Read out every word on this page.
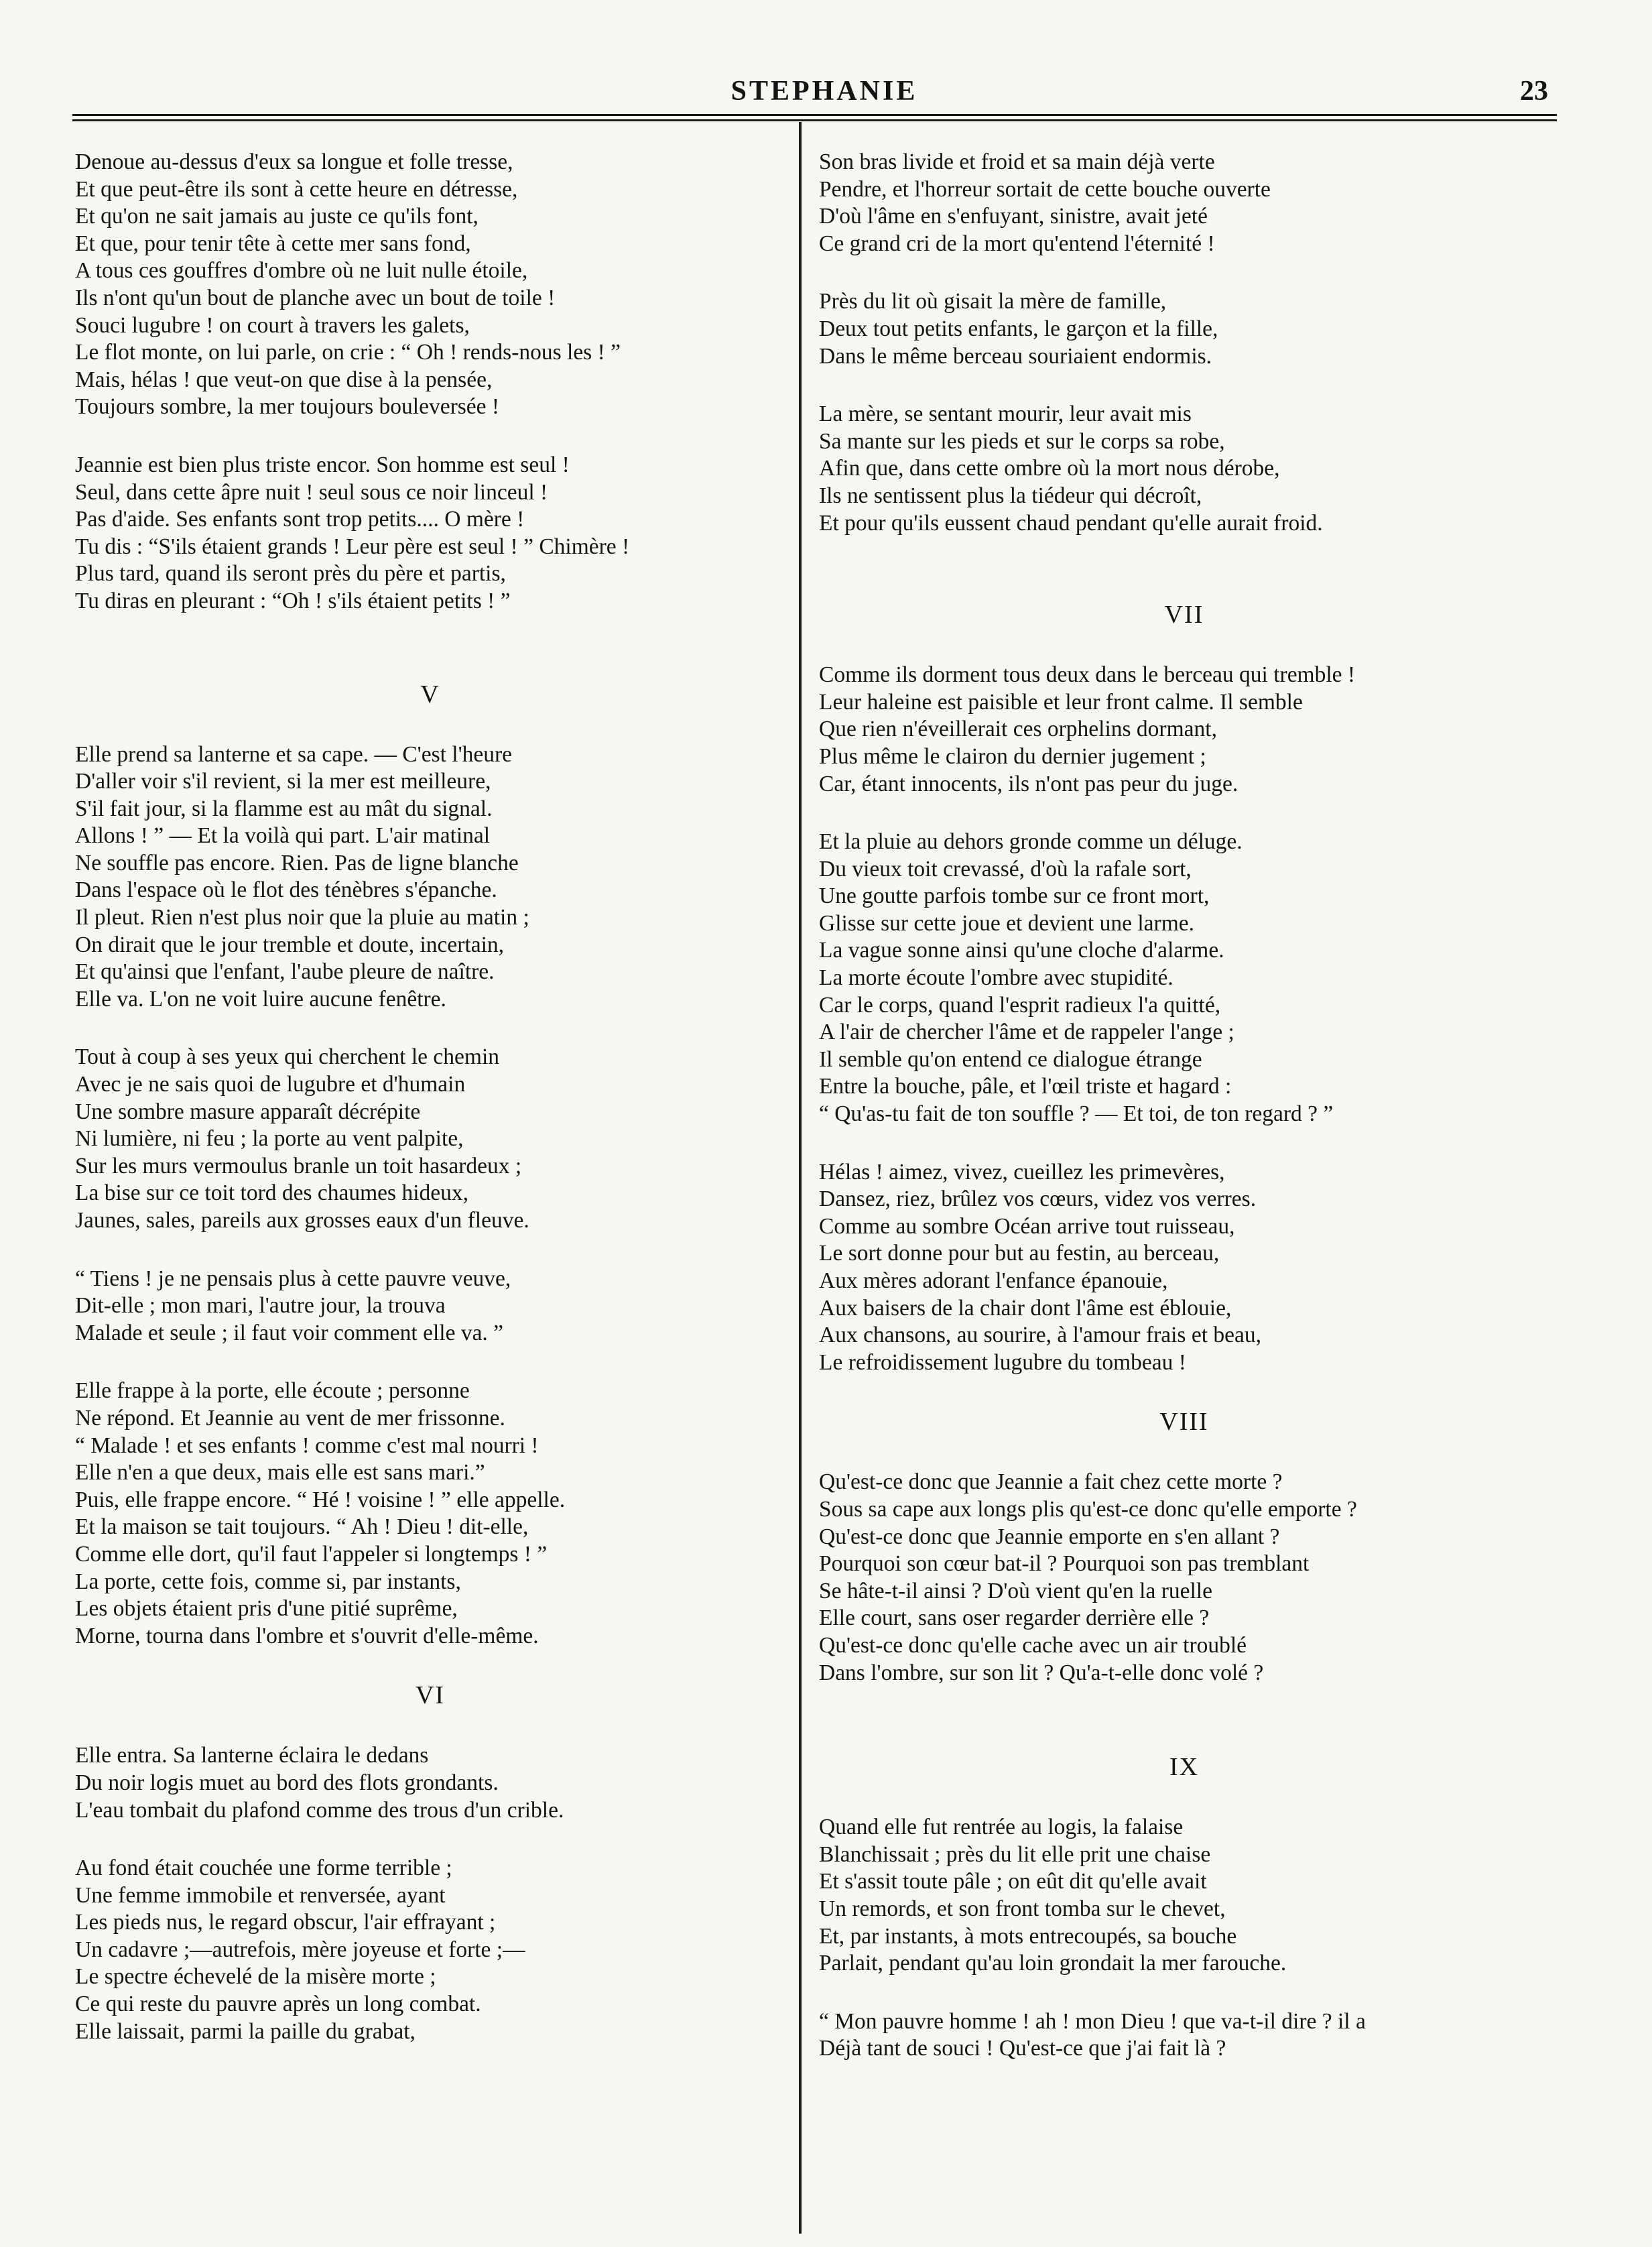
STEPHANIE	23
Denoue au-dessus d'eux sa longue et folle tresse,
Et que peut-être ils sont à cette heure en détresse,
Et qu'on ne sait jamais au juste ce qu'ils font,
Et que, pour tenir tête à cette mer sans fond,
A tous ces gouffres d'ombre où ne luit nulle étoile,
Ils n'ont qu'un bout de planche avec un bout de toile !
Souci lugubre ! on court à travers les galets,
Le flot monte, on lui parle, on crie : “ Oh ! rends-nous les ! ”
Mais, hélas ! que veut-on que dise à la pensée,
Toujours sombre, la mer toujours bouleversée !
Jeannie est bien plus triste encor. Son homme est seul !
Seul, dans cette âpre nuit ! seul sous ce noir linceul !
Pas d'aide. Ses enfants sont trop petits.... O mère !
Tu dis : “S'ils étaient grands ! Leur père est seul ! ” Chimère !
Plus tard, quand ils seront près du père et partis,
Tu diras en pleurant : “Oh ! s'ils étaient petits ! ”
V
Elle prend sa lanterne et sa cape. — C'est l'heure
D'aller voir s'il revient, si la mer est meilleure,
S'il fait jour, si la flamme est au mât du signal.
Allons ! ” — Et la voilà qui part. L'air matinal
Ne souffle pas encore. Rien. Pas de ligne blanche
Dans l'espace où le flot des ténèbres s'épanche.
Il pleut. Rien n'est plus noir que la pluie au matin ;
On dirait que le jour tremble et doute, incertain,
Et qu'ainsi que l'enfant, l'aube pleure de naître.
Elle va. L'on ne voit luire aucune fenêtre.
Tout à coup à ses yeux qui cherchent le chemin
Avec je ne sais quoi de lugubre et d'humain
Une sombre masure apparaît décrépite
Ni lumière, ni feu ; la porte au vent palpite,
Sur les murs vermoulus branle un toit hasardeux ;
La bise sur ce toit tord des chaumes hideux,
Jaunes, sales, pareils aux grosses eaux d'un fleuve.
“ Tiens ! je ne pensais plus à cette pauvre veuve,
Dit-elle ; mon mari, l'autre jour, la trouva
Malade et seule ; il faut voir comment elle va. ”
Elle frappe à la porte, elle écoute ; personne
Ne répond. Et Jeannie au vent de mer frissonne.
“ Malade ! et ses enfants ! comme c'est mal nourri !
Elle n'en a que deux, mais elle est sans mari.”
Puis, elle frappe encore. “ Hé ! voisine ! ” elle appelle.
Et la maison se tait toujours. “ Ah ! Dieu ! dit-elle,
Comme elle dort, qu'il faut l'appeler si longtemps ! ”
La porte, cette fois, comme si, par instants,
Les objets étaient pris d'une pitié suprême,
Morne, tourna dans l'ombre et s'ouvrit d'elle-même.
VI
Elle entra. Sa lanterne éclaira le dedans
Du noir logis muet au bord des flots grondants.
L'eau tombait du plafond comme des trous d'un crible.
Au fond était couchée une forme terrible ;
Une femme immobile et renversée, ayant
Les pieds nus, le regard obscur, l'air effrayant ;
Un cadavre ;—autrefois, mère joyeuse et forte ;—
Le spectre échevelé de la misère morte ;
Ce qui reste du pauvre après un long combat.
Elle laissait, parmi la paille du grabat,
Son bras livide et froid et sa main déjà verte
Pendre, et l'horreur sortait de cette bouche ouverte
D'où l'âme en s'enfuyant, sinistre, avait jeté
Ce grand cri de la mort qu'entend l'éternité !
Près du lit où gisait la mère de famille,
Deux tout petits enfants, le garçon et la fille,
Dans le même berceau souriaient endormis.
La mère, se sentant mourir, leur avait mis
Sa mante sur les pieds et sur le corps sa robe,
Afin que, dans cette ombre où la mort nous dérobe,
Ils ne sentissent plus la tiédeur qui décroît,
Et pour qu'ils eussent chaud pendant qu'elle aurait froid.
VII
Comme ils dorment tous deux dans le berceau qui tremble !
Leur haleine est paisible et leur front calme. Il semble
Que rien n'éveillerait ces orphelins dormant,
Plus même le clairon du dernier jugement ;
Car, étant innocents, ils n'ont pas peur du juge.
Et la pluie au dehors gronde comme un déluge.
Du vieux toit crevassé, d'où la rafale sort,
Une goutte parfois tombe sur ce front mort,
Glisse sur cette joue et devient une larme.
La vague sonne ainsi qu'une cloche d'alarme.
La morte écoute l'ombre avec stupidité.
Car le corps, quand l'esprit radieux l'a quitté,
A l'air de chercher l'âme et de rappeler l'ange ;
Il semble qu'on entend ce dialogue étrange
Entre la bouche, pâle, et l'œil triste et hagard :
“ Qu'as-tu fait de ton souffle ? — Et toi, de ton regard ? ”
Hélas ! aimez, vivez, cueillez les primevères,
Dansez, riez, brûlez vos cœurs, videz vos verres.
Comme au sombre Océan arrive tout ruisseau,
Le sort donne pour but au festin, au berceau,
Aux mères adorant l'enfance épanouie,
Aux baisers de la chair dont l'âme est éblouie,
Aux chansons, au sourire, à l'amour frais et beau,
Le refroidissement lugubre du tombeau !
VIII
Qu'est-ce donc que Jeannie a fait chez cette morte ?
Sous sa cape aux longs plis qu'est-ce donc qu'elle emporte ?
Qu'est-ce donc que Jeannie emporte en s'en allant ?
Pourquoi son cœur bat-il ? Pourquoi son pas tremblant
Se hâte-t-il ainsi ? D'où vient qu'en la ruelle
Elle court, sans oser regarder derrière elle ?
Qu'est-ce donc qu'elle cache avec un air troublé
Dans l'ombre, sur son lit ? Qu'a-t-elle donc volé ?
IX
Quand elle fut rentrée au logis, la falaise
Blanchissait ; près du lit elle prit une chaise
Et s'assit toute pâle ; on eût dit qu'elle avait
Un remords, et son front tomba sur le chevet,
Et, par instants, à mots entrecoupés, sa bouche
Parlait, pendant qu'au loin grondait la mer farouche.
“ Mon pauvre homme ! ah ! mon Dieu ! que va-t-il dire ? il a
Déjà tant de souci ! Qu'est-ce que j'ai fait là ?
